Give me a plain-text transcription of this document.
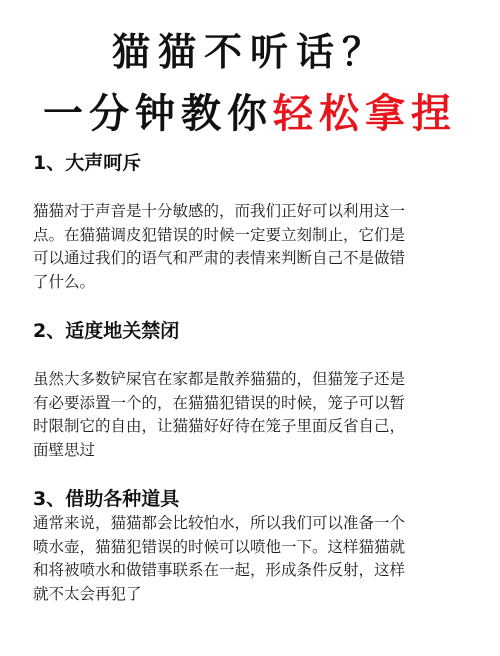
猫猫不听话？
一分钟教你轻松拿捏
1、大声呵斥
猫猫对于声音是十分敏感的，而我们正好可以利用这一
点。在猫猫调皮犯错误的时候一定要立刻制止，它们是
可以通过我们的语气和严肃的表情来判断自己不是做错
了什么。
2、适度地关禁闭
虽然大多数铲屎官在家都是散养猫猫的，但猫笼子还是
有必要添置一个的，在猫猫犯错误的时候，笼子可以暂
时限制它的自由，让猫猫好好待在笼子里面反省自己，
面壁思过
3、借助各种道具
通常来说，猫猫都会比较怕水，所以我们可以准备一个
喷水壶，猫猫犯错误的时候可以喷他一下。这样猫猫就
和将被喷水和做错事联系在一起，形成条件反射，这样
就不太会再犯了
